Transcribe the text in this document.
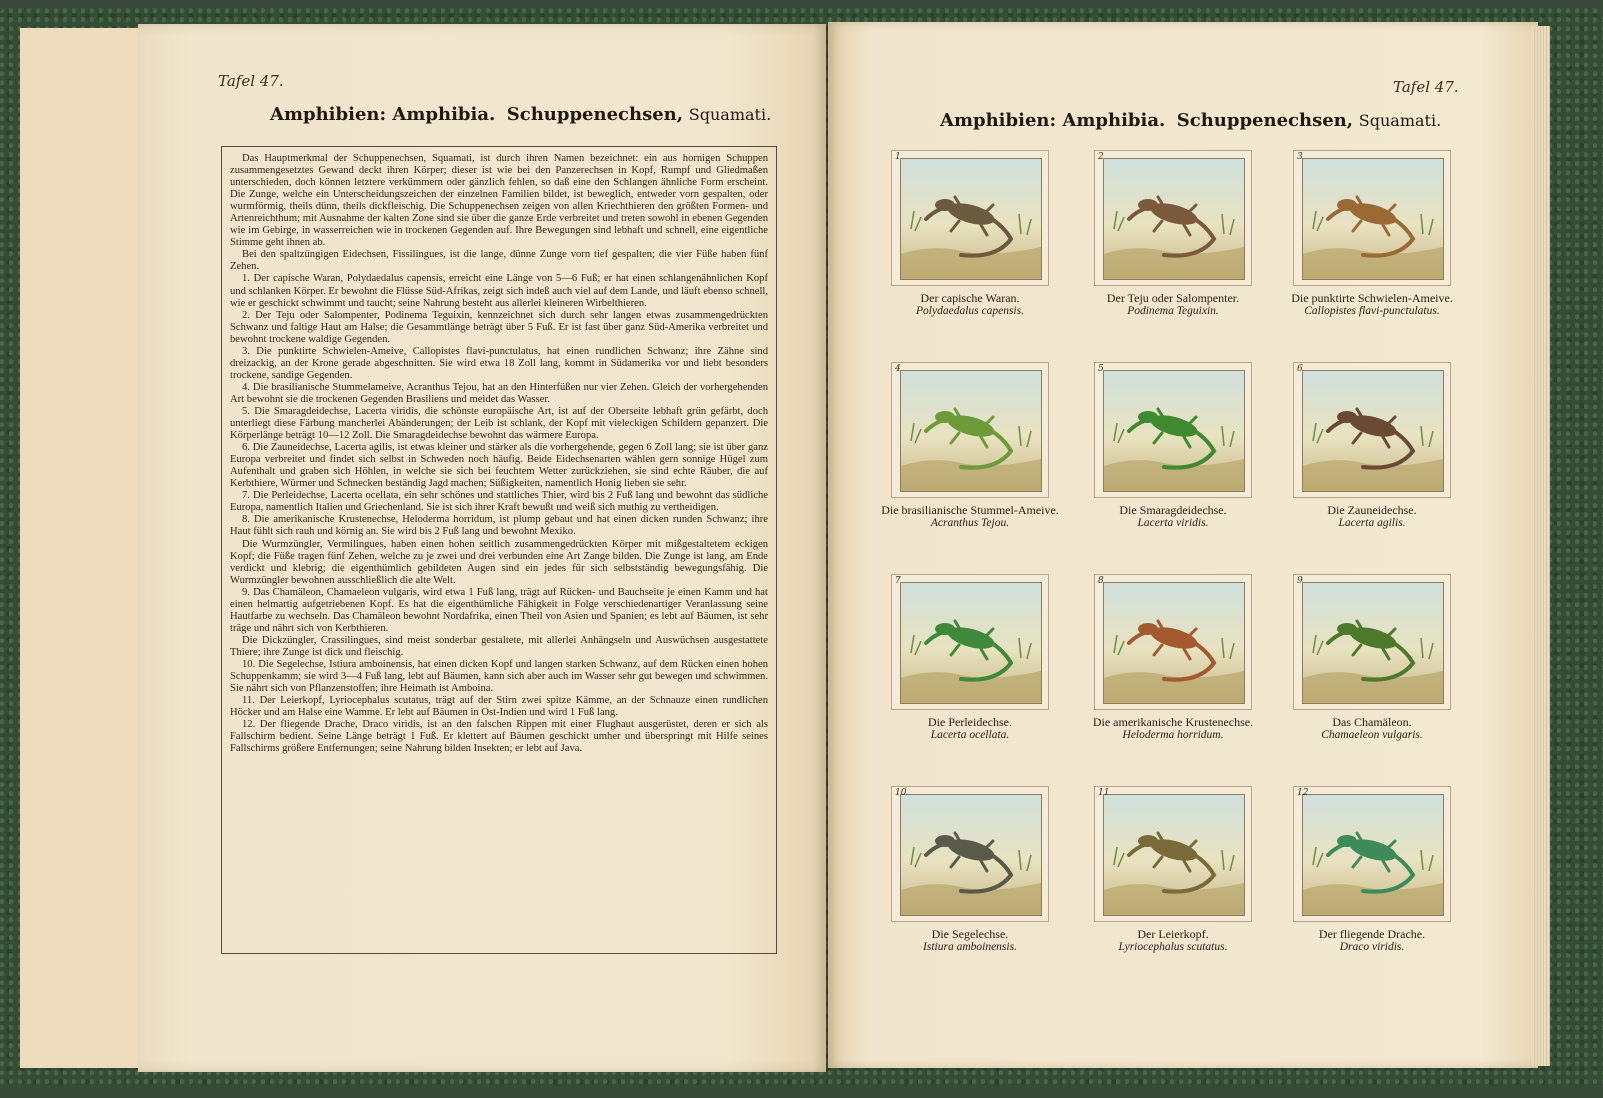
Tafel 47.	Tafel 47.
Amphibien: Amphibia. Schuppenechsen, Squamati.	Amphibien: Amphibia. Schuppenechsen, Squamati.

Das Hauptmerkmal der Schuppenechsen, Squamati, ist durch ihren Namen bezeichnet: ein aus hornigen Schuppen zusammengesetztes Gewand deckt ihren Körper; dieser ist wie bei den Panzerechsen in Kopf, Rumpf und Gliedmaßen unterschieden, doch können letztere verkümmern oder gänzlich fehlen, so daß eine den Schlangen ähnliche Form erscheint. Die Zunge, welche ein Unterscheidungszeichen der einzelnen Familien bildet, ist beweglich, entweder vorn gespalten, oder wurmförmig, theils dünn, theils dickfleischig. Die Schuppenechsen zeigen von allen Kriechthieren den größten Formen- und Artenreichthum; mit Ausnahme der kalten Zone sind sie über die ganze Erde verbreitet und treten sowohl in ebenen Gegenden wie im Gebirge, in wasserreichen wie in trockenen Gegenden auf. Ihre Bewegungen sind lebhaft und schnell, eine eigentliche Stimme geht ihnen ab.

Bei den spaltzüngigen Eidechsen, Fissilingues, ist die lange, dünne Zunge vorn tief gespalten; die vier Füße haben fünf Zehen.

1. Der capische Waran, Polydaedalus capensis, erreicht eine Länge von 5—6 Fuß; er hat einen schlangenähnlichen Kopf und schlanken Körper. Er bewohnt die Flüsse Süd-Afrikas, zeigt sich indeß auch viel auf dem Lande, und läuft ebenso schnell, wie er geschickt schwimmt und taucht; seine Nahrung besteht aus allerlei kleineren Wirbelthieren.

2. Der Teju oder Salompenter, Podinema Teguixin, kennzeichnet sich durch sehr langen etwas zusammengedrückten Schwanz und faltige Haut am Halse; die Gesammtlänge beträgt über 5 Fuß. Er ist fast über ganz Süd-Amerika verbreitet und bewohnt trockene waldige Gegenden.

3. Die punktirte Schwielen-Ameive, Callopistes flavi-punctulatus, hat einen rundlichen Schwanz; ihre Zähne sind dreizackig, an der Krone gerade abgeschnitten. Sie wird etwa 18 Zoll lang, kommt in Südamerika vor und liebt besonders trockene, sandige Gegenden.

4. Die brasilianische Stummelameive, Acranthus Tejou, hat an den Hinterfüßen nur vier Zehen. Gleich der vorhergehenden Art bewohnt sie die trockenen Gegenden Brasiliens und meidet das Wasser.

5. Die Smaragdeidechse, Lacerta viridis, die schönste europäische Art, ist auf der Oberseite lebhaft grün gefärbt, doch unterliegt diese Färbung mancherlei Abänderungen; der Leib ist schlank, der Kopf mit vieleckigen Schildern gepanzert. Die Körperlänge beträgt 10—12 Zoll. Die Smaragdeidechse bewohnt das wärmere Europa.

6. Die Zauneidechse, Lacerta agilis, ist etwas kleiner und stärker als die vorhergehende, gegen 6 Zoll lang; sie ist über ganz Europa verbreitet und findet sich selbst in Schweden noch häufig. Beide Eidechsenarten wählen gern sonnige Hügel zum Aufenthalt und graben sich Höhlen, in welche sie sich bei feuchtem Wetter zurückziehen, sie sind echte Räuber, die auf Kerbthiere, Würmer und Schnecken beständig Jagd machen; Süßigkeiten, namentlich Honig lieben sie sehr.

7. Die Perleidechse, Lacerta ocellata, ein sehr schönes und stattliches Thier, wird bis 2 Fuß lang und bewohnt das südliche Europa, namentlich Italien und Griechenland. Sie ist sich ihrer Kraft bewußt und weiß sich muthig zu vertheidigen.

8. Die amerikanische Krustenechse, Heloderma horridum, ist plump gebaut und hat einen dicken runden Schwanz; ihre Haut fühlt sich rauh und körnig an. Sie wird bis 2 Fuß lang und bewohnt Mexiko.

Die Wurmzüngler, Vermilingues, haben einen hohen seitlich zusammengedrückten Körper mit mißgestaltetem eckigen Kopf; die Füße tragen fünf Zehen, welche zu je zwei und drei verbunden eine Art Zange bilden. Die Zunge ist lang, am Ende verdickt und klebrig; die eigenthümlich gebildeten Augen sind ein jedes für sich selbstständig bewegungsfähig. Die Wurmzüngler bewohnen ausschließlich die alte Welt.

9. Das Chamäleon, Chamaeleon vulgaris, wird etwa 1 Fuß lang, trägt auf Rücken- und Bauchseite je einen Kamm und hat einen helmartig aufgetriebenen Kopf. Es hat die eigenthümliche Fähigkeit in Folge verschiedenartiger Veranlassung seine Hautfarbe zu wechseln. Das Chamäleon bewohnt Nordafrika, einen Theil von Asien und Spanien; es lebt auf Bäumen, ist sehr träge und nährt sich von Kerbthieren.

Die Dickzüngler, Crassilingues, sind meist sonderbar gestaltete, mit allerlei Anhängseln und Auswüchsen ausgestattete Thiere; ihre Zunge ist dick und fleischig.

10. Die Segelechse, Istiura amboinensis, hat einen dicken Kopf und langen starken Schwanz, auf dem Rücken einen hohen Schuppenkamm; sie wird 3—4 Fuß lang, lebt auf Bäumen, kann sich aber auch im Wasser sehr gut bewegen und schwimmen. Sie nährt sich von Pflanzenstoffen; ihre Heimath ist Amboina.

11. Der Leierkopf, Lyriocephalus scutatus, trägt auf der Stirn zwei spitze Kämme, an der Schnauze einen rundlichen Höcker und am Halse eine Wamme. Er lebt auf Bäumen in Ost-Indien und wird 1 Fuß lang.

12. Der fliegende Drache, Draco viridis, ist an den falschen Rippen mit einer Flughaut ausgerüstet, deren er sich als Fallschirm bedient. Seine Länge beträgt 1 Fuß. Er klettert auf Bäumen geschickt umher und überspringt mit Hilfe seines Fallschirms größere Entfernungen; seine Nahrung bilden Insekten; er lebt auf Java.

1
Der capische Waran.
Polydaedalus capensis.
2
Der Teju oder Salompenter.
Podinema Teguixin.
3
Die punktirte Schwielen-Ameive.
Callopistes flavi-punctulatus.
4
Die brasilianische Stummel-Ameive.
Acranthus Tejou.
5
Die Smaragdeidechse.
Lacerta viridis.
6
Die Zauneidechse.
Lacerta agilis.
7
Die Perleidechse.
Lacerta ocellata.
8
Die amerikanische Krustenechse.
Heloderma horridum.
9
Das Chamäleon.
Chamaeleon vulgaris.
10
Die Segelechse.
Istiura amboinensis.
11
Der Leierkopf.
Lyriocephalus scutatus.
12
Der fliegende Drache.
Draco viridis.
